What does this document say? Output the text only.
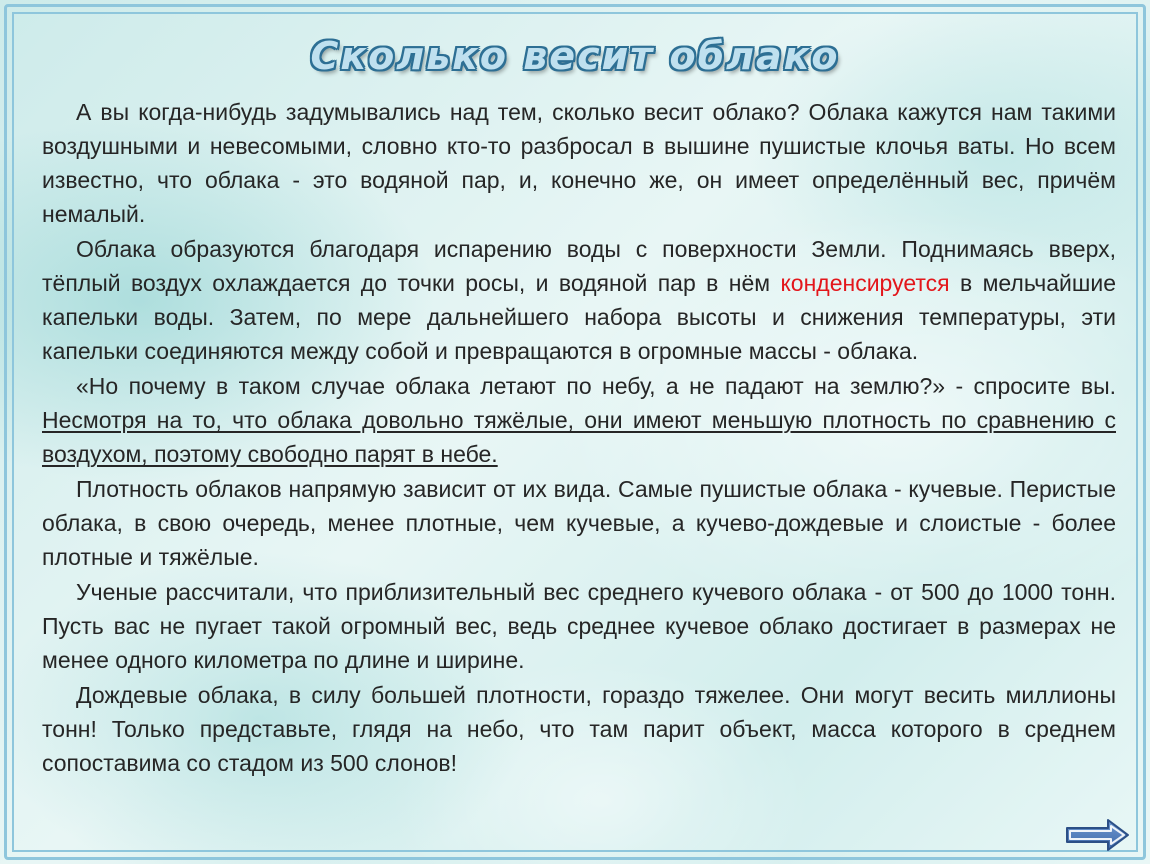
Сколько весит облако

А вы когда-нибудь задумывались над тем, сколько весит облако? Облака кажутся нам такими воздушными и невесомыми, словно кто-то разбросал в вышине пушистые клочья ваты. Но всем известно, что облака - это водяной пар, и, конечно же, он имеет определённый вес, причём немалый.

Облака образуются благодаря испарению воды с поверхности Земли. Поднимаясь вверх, тёплый воздух охлаждается до точки росы, и водяной пар в нём конденсируется в мельчайшие капельки воды. Затем, по мере дальнейшего набора высоты и снижения температуры, эти капельки соединяются между собой и превращаются в огромные массы - облака.

«Но почему в таком случае облака летают по небу, а не падают на землю?» - спросите вы. Несмотря на то, что облака довольно тяжёлые, они имеют меньшую плотность по сравнению с воздухом, поэтому свободно парят в небе.

Плотность облаков напрямую зависит от их вида. Самые пушистые облака - кучевые. Перистые облака, в свою очередь, менее плотные, чем кучевые, а кучево-дождевые и слоистые - более плотные и тяжёлые.

Ученые рассчитали, что приблизительный вес среднего кучевого облака - от 500 до 1000 тонн. Пусть вас не пугает такой огромный вес, ведь среднее кучевое облако достигает в размерах не менее одного километра по длине и ширине.

Дождевые облака, в силу большей плотности, гораздо тяжелее. Они могут весить миллионы тонн! Только представьте, глядя на небо, что там парит объект, масса которого в среднем сопоставима со стадом из 500 слонов!
